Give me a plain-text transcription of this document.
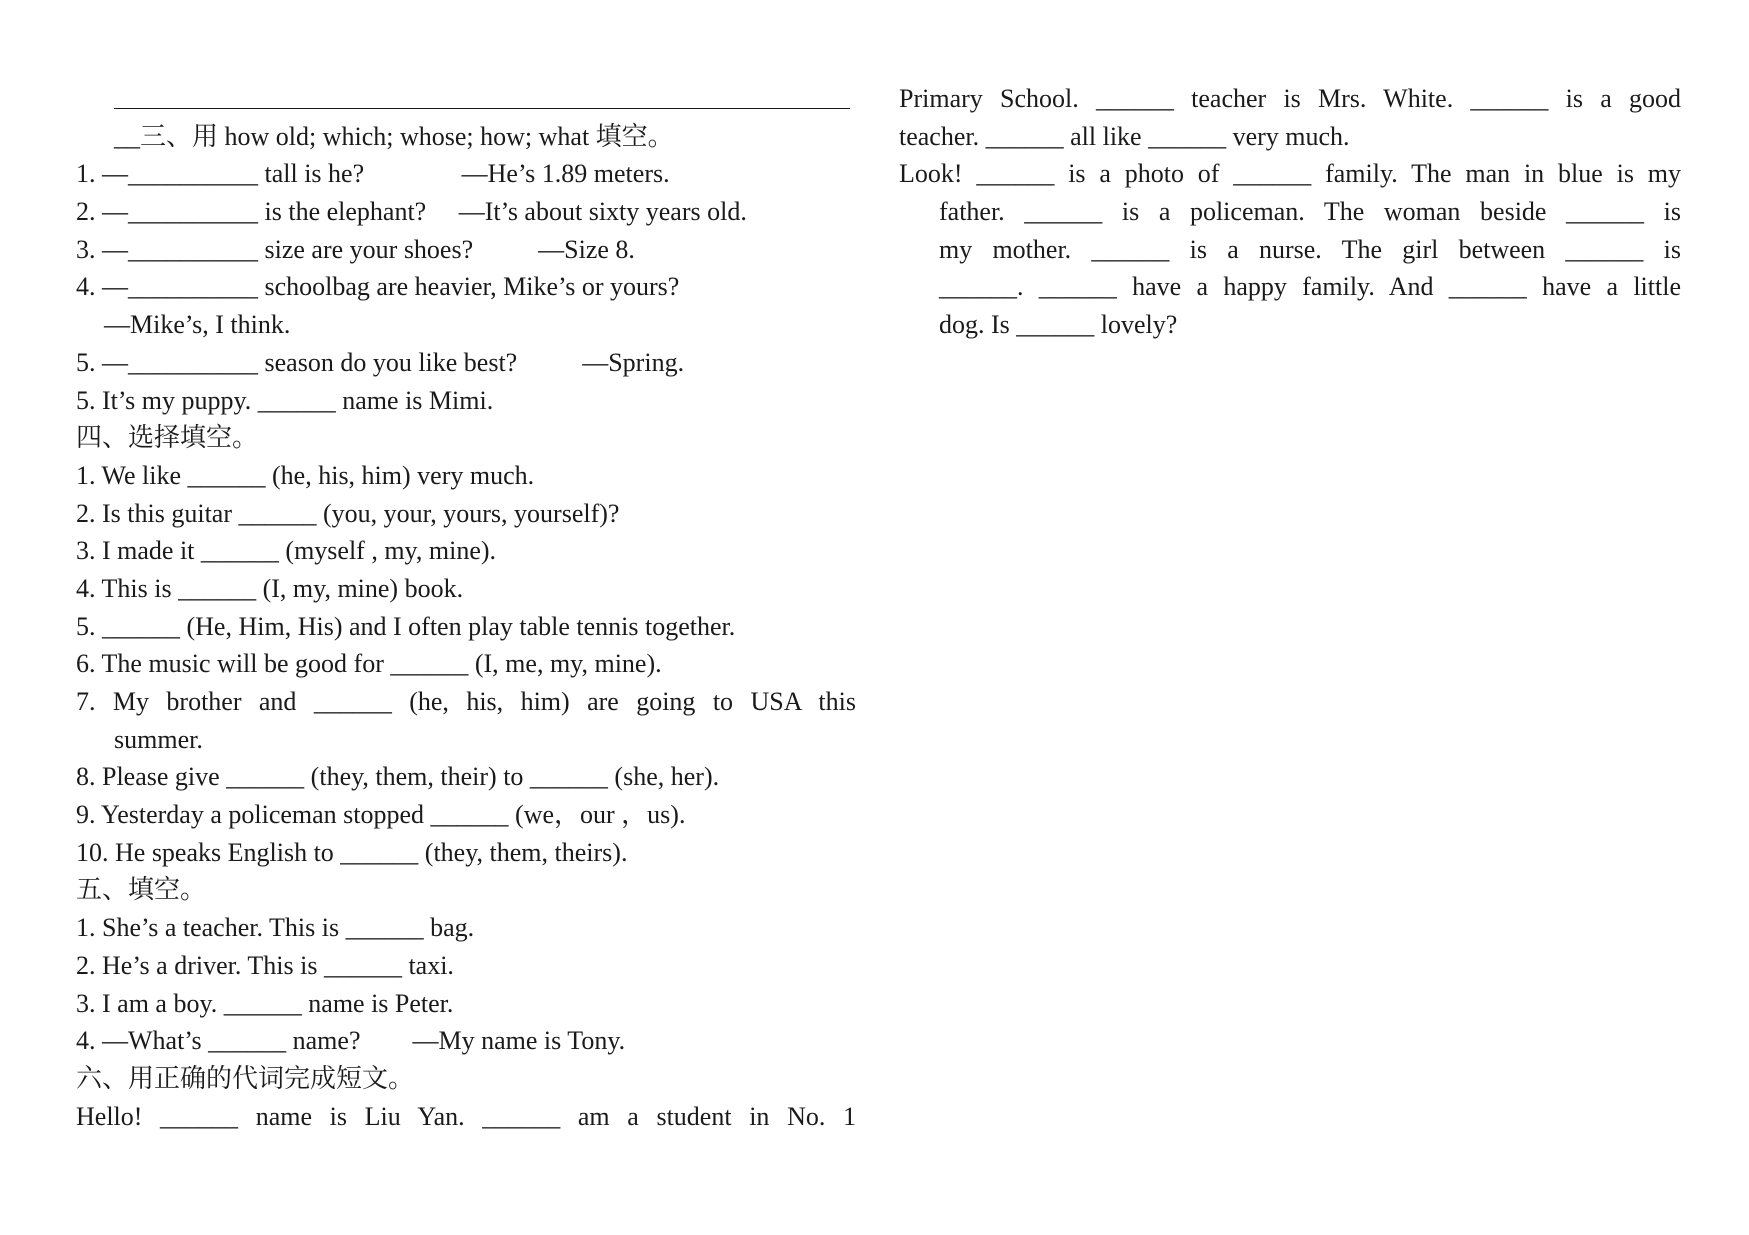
__三、用 how old; which; whose; how; what 填空。
1. —__________ tall is he?               —He’s 1.89 meters.
2. —__________ is the elephant?     —It’s about sixty years old.
3. —__________ size are your shoes?          —Size 8.
4. —__________ schoolbag are heavier, Mike’s or yours?
—Mike’s, I think.
5. —__________ season do you like best?          —Spring.
5. It’s my puppy. ______ name is Mimi.
四、选择填空。
1. We like ______ (he, his, him) very much.
2. Is this guitar ______ (you, your, yours, yourself)?
3. I made it ______ (myself , my, mine).
4. This is ______ (I, my, mine) book.
5. ______ (He, Him, His) and I often play table tennis together.
6. The music will be good for ______ (I, me, my, mine).
7. My brother and ______ (he, his, him) are going to USA this
summer.
8. Please give ______ (they, them, their) to ______ (she, her).
9. Yesterday a policeman stopped ______ (we，our ，us).
10. He speaks English to ______ (they, them, theirs).
五、填空。
1. She’s a teacher. This is ______ bag.
2. He’s a driver. This is ______ taxi.
3. I am a boy. ______ name is Peter.
4. —What’s ______ name?        —My name is Tony.
六、用正确的代词完成短文。
Hello! ______ name is Liu Yan. ______ am a student in No. 1
Primary School. ______ teacher is Mrs. White. ______ is a good
teacher. ______ all like ______ very much.
Look! ______ is a photo of ______ family. The man in blue is my
father. ______ is a policeman. The woman beside ______ is
my mother. ______ is a nurse. The girl between ______ is
______. ______ have a happy family. And ______ have a little
dog. Is ______ lovely?
